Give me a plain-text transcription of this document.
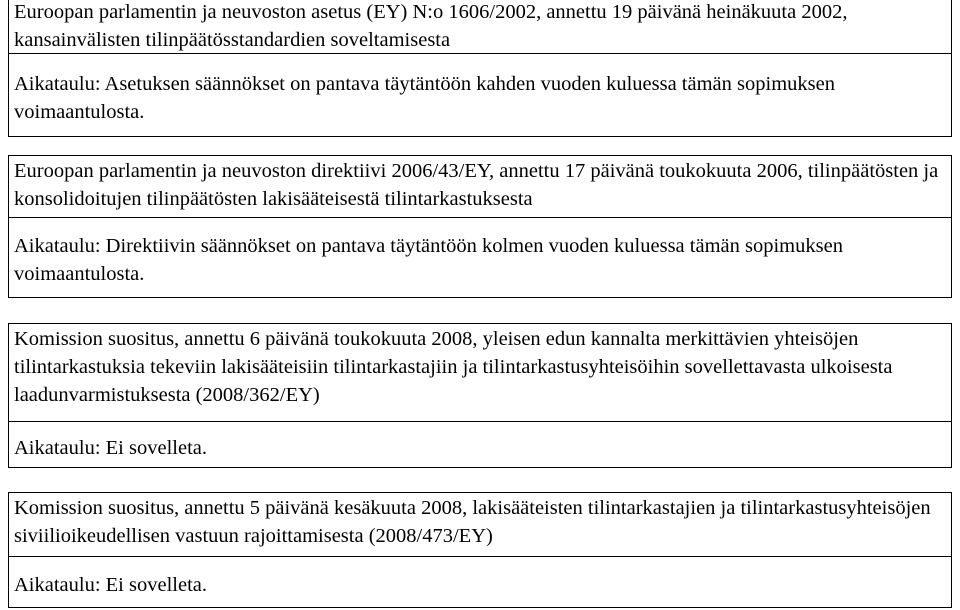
Euroopan parlamentin ja neuvoston asetus (EY) N:o 1606/2002, annettu 19 päivänä heinäkuuta 2002, kansainvälisten tilinpäätösstandardien soveltamisesta
Aikataulu: Asetuksen säännökset on pantava täytäntöön kahden vuoden kuluessa tämän sopimuksen voimaantulosta.
Euroopan parlamentin ja neuvoston direktiivi 2006/43/EY, annettu 17 päivänä toukokuuta 2006, tilinpäätösten ja konsolidoitujen tilinpäätösten lakisääteisestä tilintarkastuksesta
Aikataulu: Direktiivin säännökset on pantava täytäntöön kolmen vuoden kuluessa tämän sopimuksen voimaantulosta.
Komission suositus, annettu 6 päivänä toukokuuta 2008, yleisen edun kannalta merkittävien yhteisöjen tilintarkastuksia tekeviin lakisääteisiin tilintarkastajiin ja tilintarkastusyhteisöihin sovellettavasta ulkoisesta laadunvarmistuksesta (2008/362/EY)
Aikataulu: Ei sovelleta.
Komission suositus, annettu 5 päivänä kesäkuuta 2008, lakisääteisten tilintarkastajien ja tilintarkastusyhteisöjen siviilioikeudellisen vastuun rajoittamisesta (2008/473/EY)
Aikataulu: Ei sovelleta.
